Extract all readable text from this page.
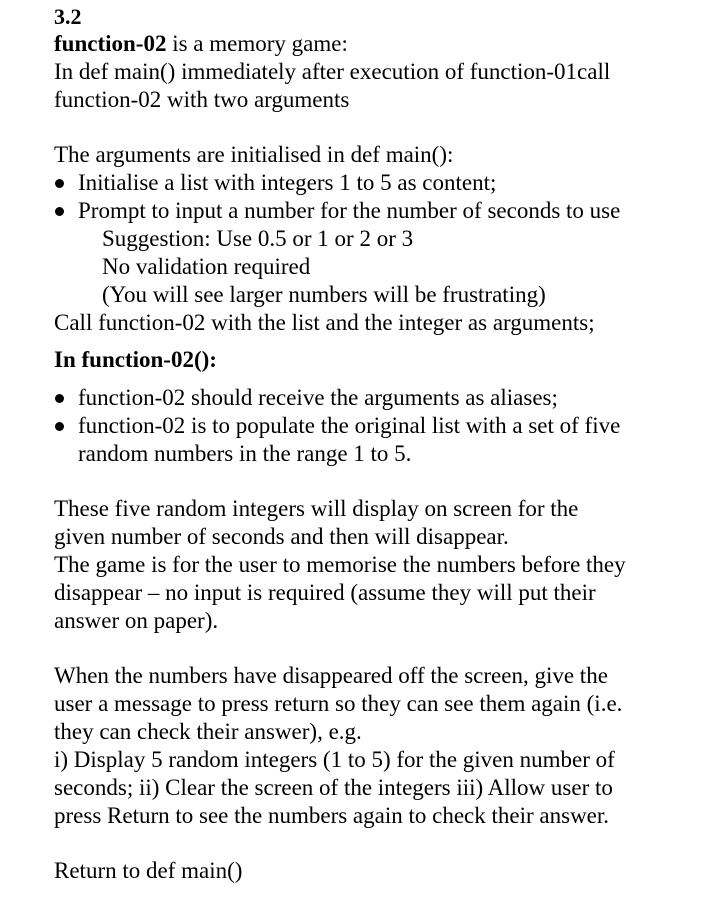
3.2
function-02 is a memory game:
In def main() immediately after execution of function-01call
function-02 with two arguments
The arguments are initialised in def main():
Initialise a list with integers 1 to 5 as content;
Prompt to input a number for the number of seconds to use
Suggestion: Use 0.5 or 1 or 2 or 3
No validation required
(You will see larger numbers will be frustrating)
Call function-02 with the list and the integer as arguments;
In function-02():
function-02 should receive the arguments as aliases;
function-02 is to populate the original list with a set of five
random numbers in the range 1 to 5.
These five random integers will display on screen for the
given number of seconds and then will disappear.
The game is for the user to memorise the numbers before they
disappear – no input is required (assume they will put their
answer on paper).
When the numbers have disappeared off the screen, give the
user a message to press return so they can see them again (i.e.
they can check their answer), e.g.
i) Display 5 random integers (1 to 5) for the given number of
seconds; ii) Clear the screen of the integers iii) Allow user to
press Return to see the numbers again to check their answer.
Return to def main()
